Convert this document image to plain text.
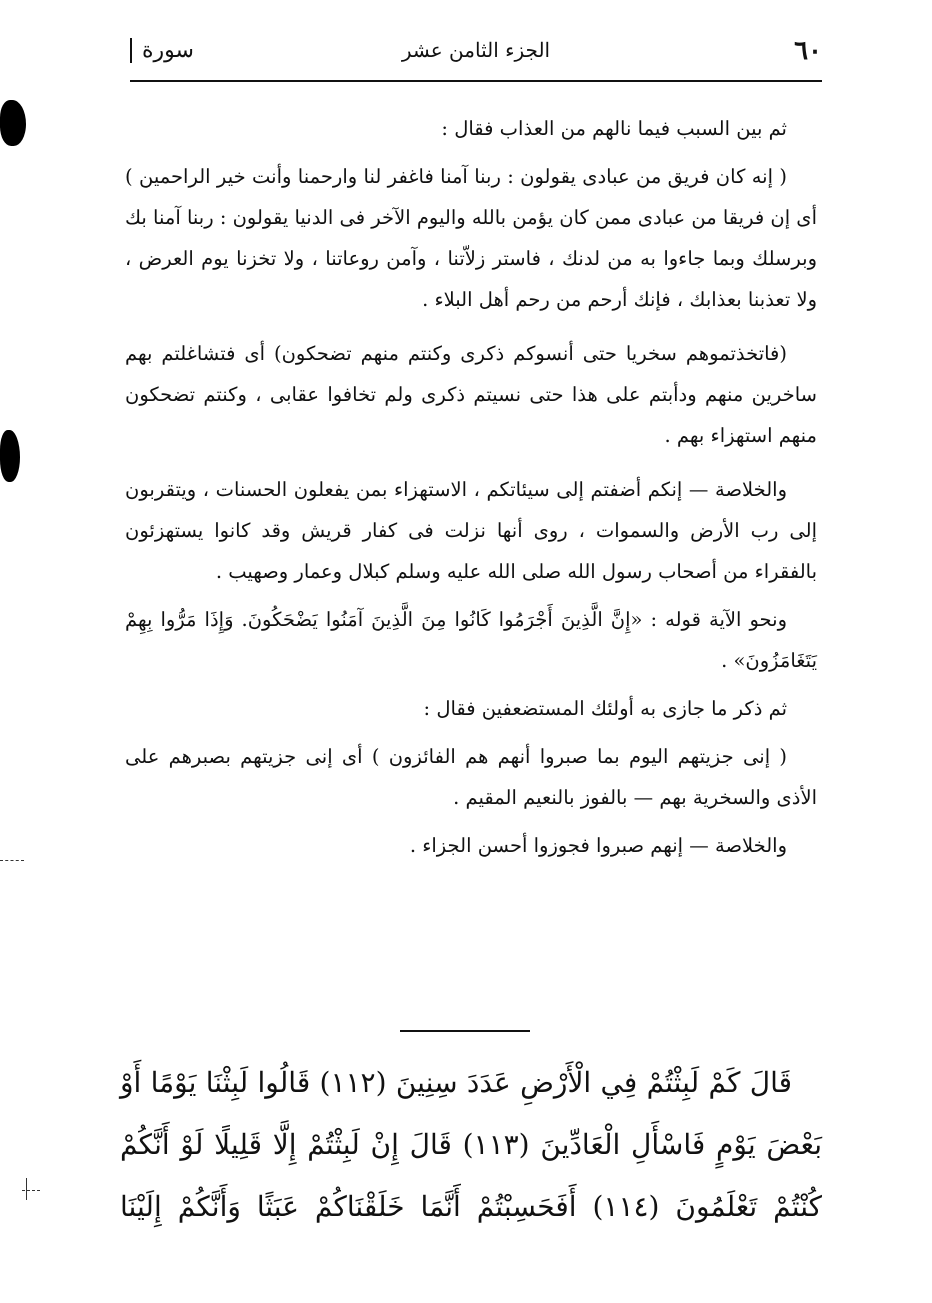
٦٠
الجزء الثامن عشر
سورة

ثم بين السبب فيما نالهم من العذاب فقال :

( إنه كان فريق من عبادى يقولون : ربنا آمنا فاغفر لنا وارحمنا وأنت خير الراحمين ) أى إن فريقا من عبادى ممن كان يؤمن بالله واليوم الآخر فى الدنيا يقولون : ربنا آمنا بك وبرسلك وبما جاءوا به من لدنك ، فاستر زلاّتنا ، وآمن روعاتنا ، ولا تخزنا يوم العرض ، ولا تعذبنا بعذابك ، فإنك أرحم من رحم أهل البلاء .

(فاتخذتموهم سخريا حتى أنسوكم ذكرى وكنتم منهم تضحكون) أى فتشاغلتم بهم ساخرين منهم ودأبتم على هذا حتى نسيتم ذكرى ولم تخافوا عقابى ، وكنتم تضحكون منهم استهزاء بهم .

والخلاصة — إنكم أضفتم إلى سيئاتكم ، الاستهزاء بمن يفعلون الحسنات ، ويتقربون إلى رب الأرض والسموات ، روى أنها نزلت فى كفار قريش وقد كانوا يستهزئون بالفقراء من أصحاب رسول الله صلى الله عليه وسلم كبلال وعمار وصهيب .

ونحو الآية قوله : «إِنَّ الَّذِينَ أَجْرَمُوا كَانُوا مِنَ الَّذِينَ آمَنُوا يَضْحَكُونَ. وَإِذَا مَرُّوا بِهِمْ يَتَغَامَزُونَ» .

ثم ذكر ما جازى به أولئك المستضعفين فقال :

( إنى جزيتهم اليوم بما صبروا أنهم هم الفائزون ) أى إنى جزيتهم بصبرهم على الأذى والسخرية بهم — بالفوز بالنعيم المقيم .

والخلاصة — إنهم صبروا فجوزوا أحسن الجزاء .

قَالَ كَمْ لَبِثْتُمْ فِي الْأَرْضِ عَدَدَ سِنِينَ (١١٢) قَالُوا لَبِثْنَا يَوْمًا أَوْ بَعْضَ يَوْمٍ فَاسْأَلِ الْعَادِّينَ (١١٣) قَالَ إِنْ لَبِثْتُمْ إِلَّا قَلِيلًا لَوْ أَنَّكُمْ كُنْتُمْ تَعْلَمُونَ (١١٤) أَفَحَسِبْتُمْ أَنَّمَا خَلَقْنَاكُمْ عَبَثًا وَأَنَّكُمْ إِلَيْنَا
